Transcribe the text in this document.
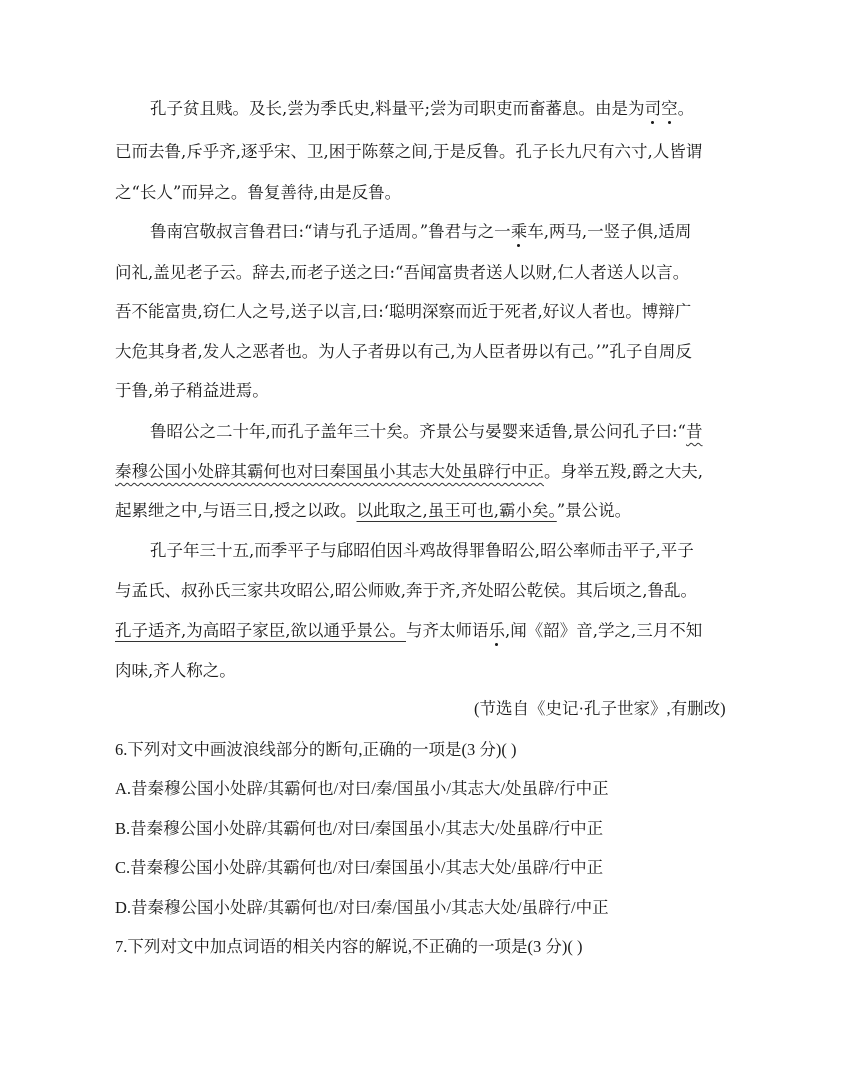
孔子贫且贱。及长,尝为季氏史,料量平;尝为司职吏而畜蕃息。由是为司空。
已而去鲁,斥乎齐,逐乎宋、卫,困于陈蔡之间,于是反鲁。孔子长九尺有六寸,人皆谓
之“长人”而异之。鲁复善待,由是反鲁。
鲁南宫敬叔言鲁君曰:“请与孔子适周。”鲁君与之一乘车,两马,一竖子俱,适周
问礼,盖见老子云。辞去,而老子送之曰:“吾闻富贵者送人以财,仁人者送人以言。
吾不能富贵,窃仁人之号,送子以言,曰:‘聪明深察而近于死者,好议人者也。博辩广
大危其身者,发人之恶者也。为人子者毋以有己,为人臣者毋以有己。’”孔子自周反
于鲁,弟子稍益进焉。
鲁昭公之二十年,而孔子盖年三十矣。齐景公与晏婴来适鲁,景公问孔子曰:“昔
秦穆公国小处辟其霸何也对曰秦国虽小其志大处虽辟行中正。身举五羖,爵之大夫,
起累绁之中,与语三日,授之以政。以此取之,虽王可也,霸小矣。”景公说。
孔子年三十五,而季平子与郈昭伯因斗鸡故得罪鲁昭公,昭公率师击平子,平子
与孟氏、叔孙氏三家共攻昭公,昭公师败,奔于齐,齐处昭公乾侯。其后顷之,鲁乱。
孔子适齐,为高昭子家臣,欲以通乎景公。与齐太师语乐,闻《韶》音,学之,三月不知
肉味,齐人称之。
(节选自《史记·孔子世家》,有删改)
6.下列对文中画波浪线部分的断句,正确的一项是(3 分)( )
A.昔秦穆公国小处辟/其霸何也/对曰/秦/国虽小/其志大/处虽辟/行中正
B.昔秦穆公国小处辟/其霸何也/对曰/秦国虽小/其志大/处虽辟/行中正
C.昔秦穆公国小处辟/其霸何也/对曰/秦国虽小/其志大处/虽辟/行中正
D.昔秦穆公国小处辟/其霸何也/对曰/秦/国虽小/其志大处/虽辟行/中正
7.下列对文中加点词语的相关内容的解说,不正确的一项是(3 分)( )
